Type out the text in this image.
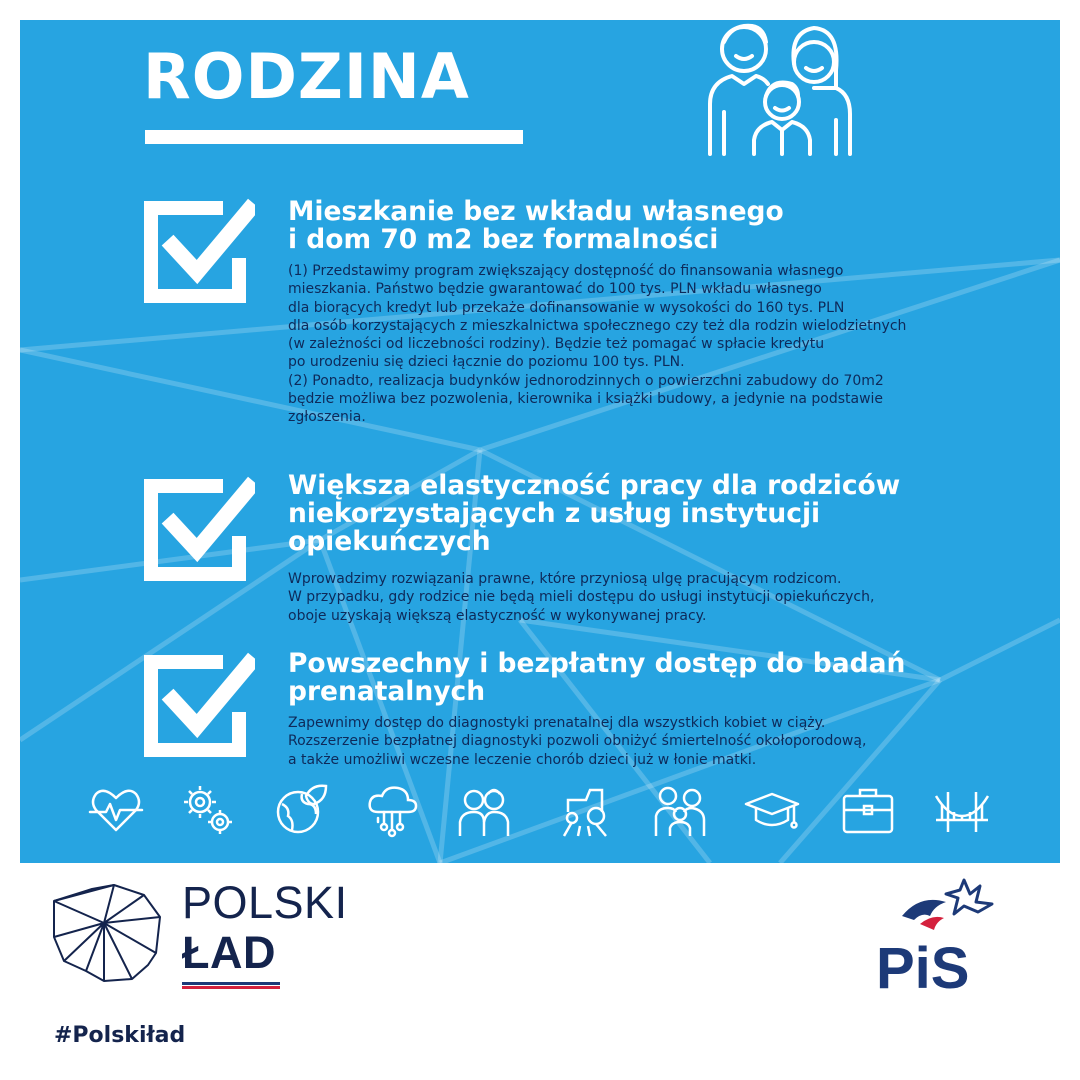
RODZINA
Mieszkanie bez wkładu własnego
i dom 70 m2 bez formalności
(1) Przedstawimy program zwiększający dostępność do finansowania własnego
mieszkania. Państwo będzie gwarantować do 100 tys. PLN wkładu własnego
dla biorących kredyt lub przekaże dofinansowanie w wysokości do 160 tys. PLN
dla osób korzystających z mieszkalnictwa społecznego czy też dla rodzin wielodzietnych
(w zależności od liczebności rodziny). Będzie też pomagać w spłacie kredytu
po urodzeniu się dzieci łącznie do poziomu 100 tys. PLN.
(2) Ponadto, realizacja budynków jednorodzinnych o powierzchni zabudowy do 70m2
będzie możliwa bez pozwolenia, kierownika i książki budowy, a jedynie na podstawie
zgłoszenia.
Większa elastyczność pracy dla rodziców
niekorzystających z usług instytucji
opiekuńczych
Wprowadzimy rozwiązania prawne, które przyniosą ulgę pracującym rodzicom.
W przypadku, gdy rodzice nie będą mieli dostępu do usługi instytucji opiekuńczych,
oboje uzyskają większą elastyczność w wykonywanej pracy.
Powszechny i bezpłatny dostęp do badań
prenatalnych
Zapewnimy dostęp do diagnostyki prenatalnej dla wszystkich kobiet w ciąży.
Rozszerzenie bezpłatnej diagnostyki pozwoli obniżyć śmiertelność okołoporodową,
a także umożliwi wczesne leczenie chorób dzieci już w łonie matki.
POLSKI
ŁAD
#Polskiład
PiS
